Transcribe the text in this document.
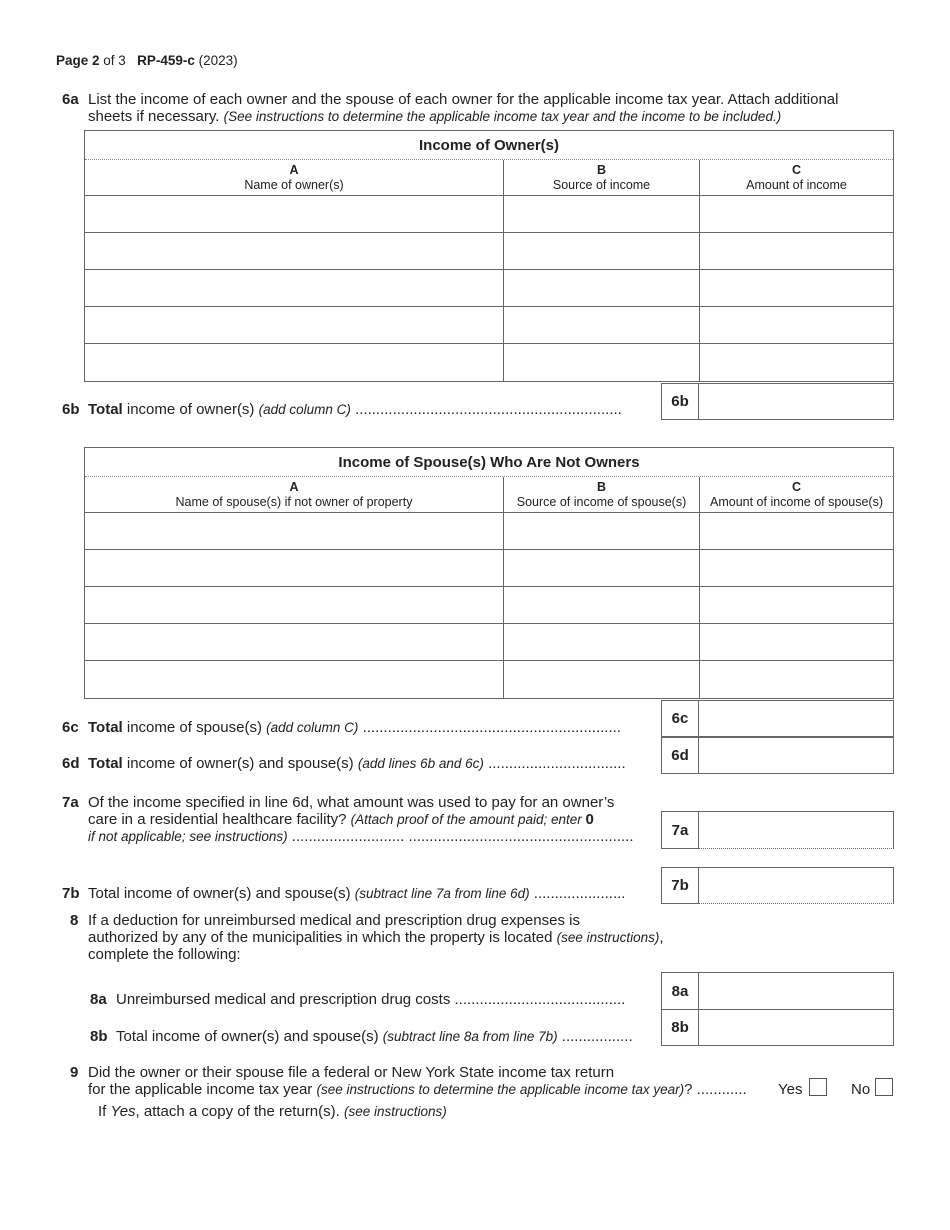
Page 2 of 3 RP-459-c (2023)
6a List the income of each owner and the spouse of each owner for the applicable income tax year. Attach additional
sheets if necessary. (See instructions to determine the applicable income tax year and the income to be included.)
Income of Owner(s)
A
Name of owner(s)
B
Source of income
C
Amount of income
6b Total income of owner(s) (add column C) ................................................................	6b
Income of Spouse(s) Who Are Not Owners
A
Name of spouse(s) if not owner of property
B
Source of income of spouse(s)
C
Amount of income of spouse(s)
6c Total income of spouse(s) (add column C) ..............................................................
6c
6d Total income of owner(s) and spouse(s) (add lines 6b and 6c) .................................	6d
7a Of the income specified in line 6d, what amount was used to pay for an owner’s
care in a residential healthcare facility? (Attach proof of the amount paid; enter 0
if not applicable; see instructions) ........................... ......................................................	7a
7b Total income of owner(s) and spouse(s) (subtract line 7a from line 6d) ......................	7b
8 If a deduction for unreimbursed medical and prescription drug expenses is
authorized by any of the municipalities in which the property is located (see instructions),
complete the following:
8a Unreimbursed medical and prescription drug costs .........................................	8a
8b Total income of owner(s) and spouse(s) (subtract line 8a from line 7b) .................
8b
9 Did the owner or their spouse file a federal or New York State income tax return
for the applicable income tax year (see instructions to determine the applicable income tax year)? ............	Yes	No
If Yes, attach a copy of the return(s). (see instructions)
